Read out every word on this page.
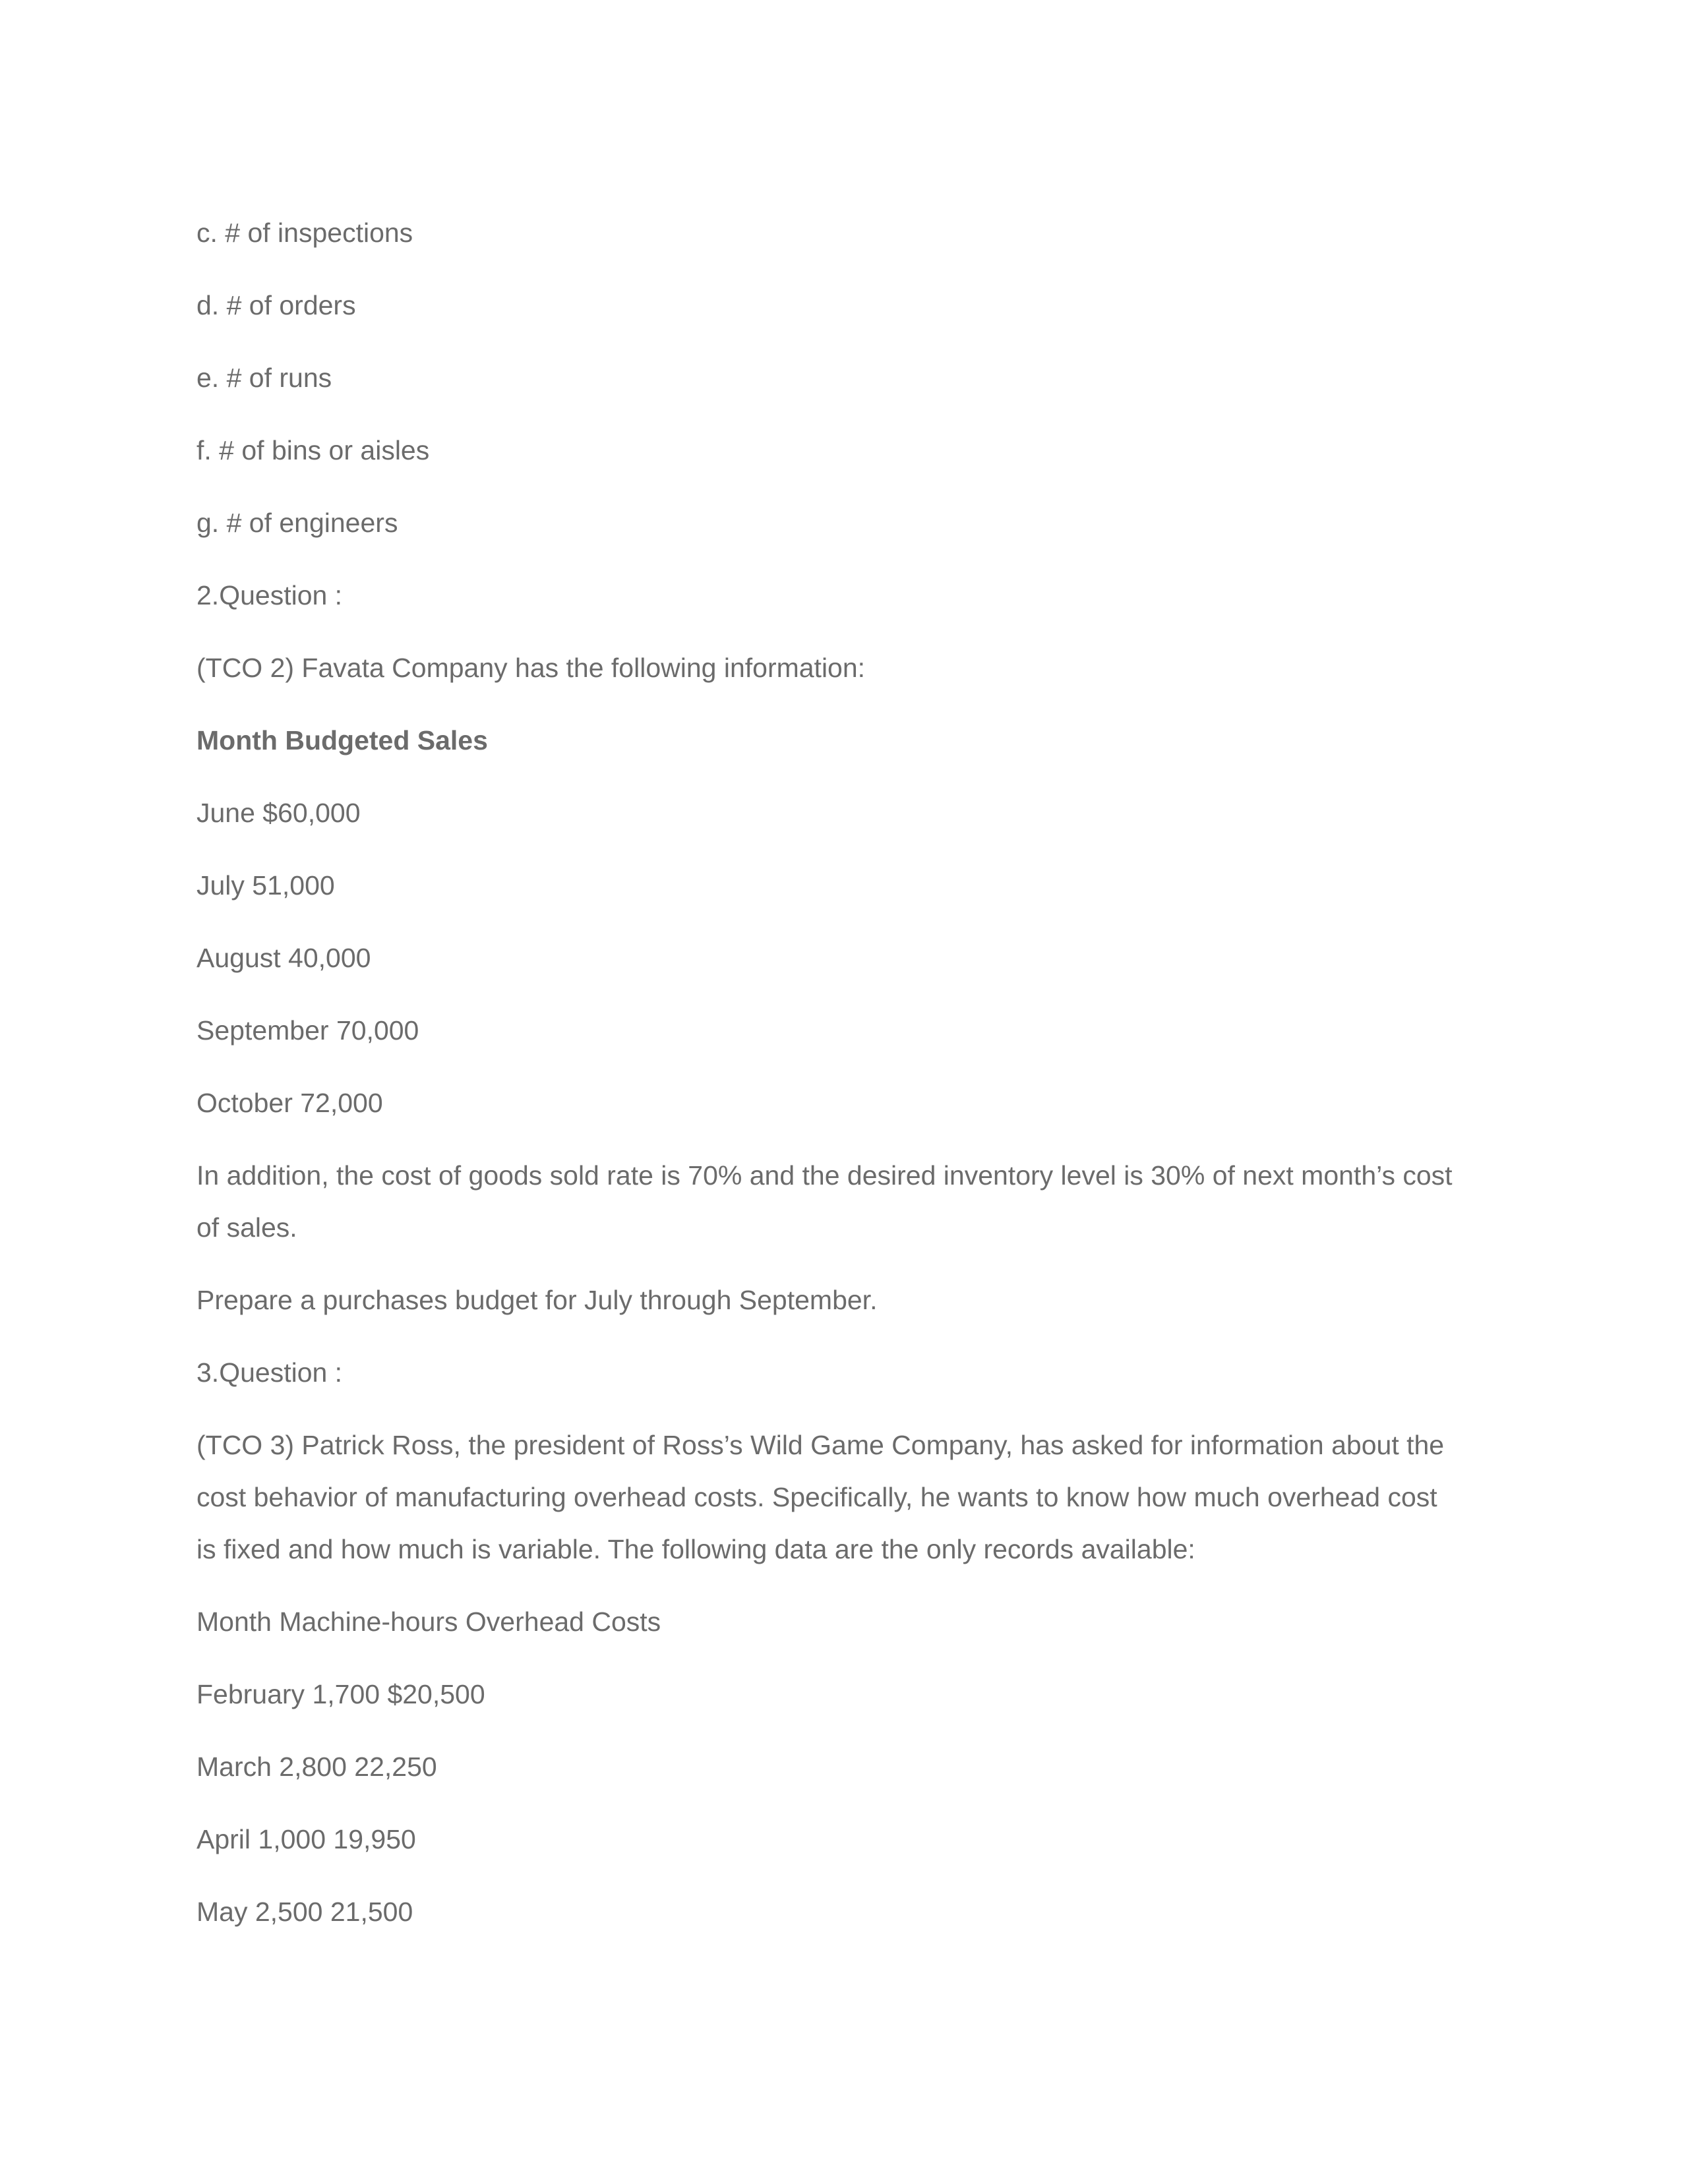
c. # of inspections
d. # of orders
e. # of runs
f. # of bins or aisles
g. # of engineers
2.Question :
(TCO 2) Favata Company has the following information:
Month Budgeted Sales
June $60,000
July 51,000
August 40,000
September 70,000
October 72,000
In addition, the cost of goods sold rate is 70% and the desired inventory level is 30% of next month’s cost
of sales.
Prepare a purchases budget for July through September.
3.Question :
(TCO 3) Patrick Ross, the president of Ross’s Wild Game Company, has asked for information about the
cost behavior of manufacturing overhead costs. Specifically, he wants to know how much overhead cost
is fixed and how much is variable. The following data are the only records available:
Month Machine-hours Overhead Costs
February 1,700 $20,500
March 2,800 22,250
April 1,000 19,950
May 2,500 21,500
